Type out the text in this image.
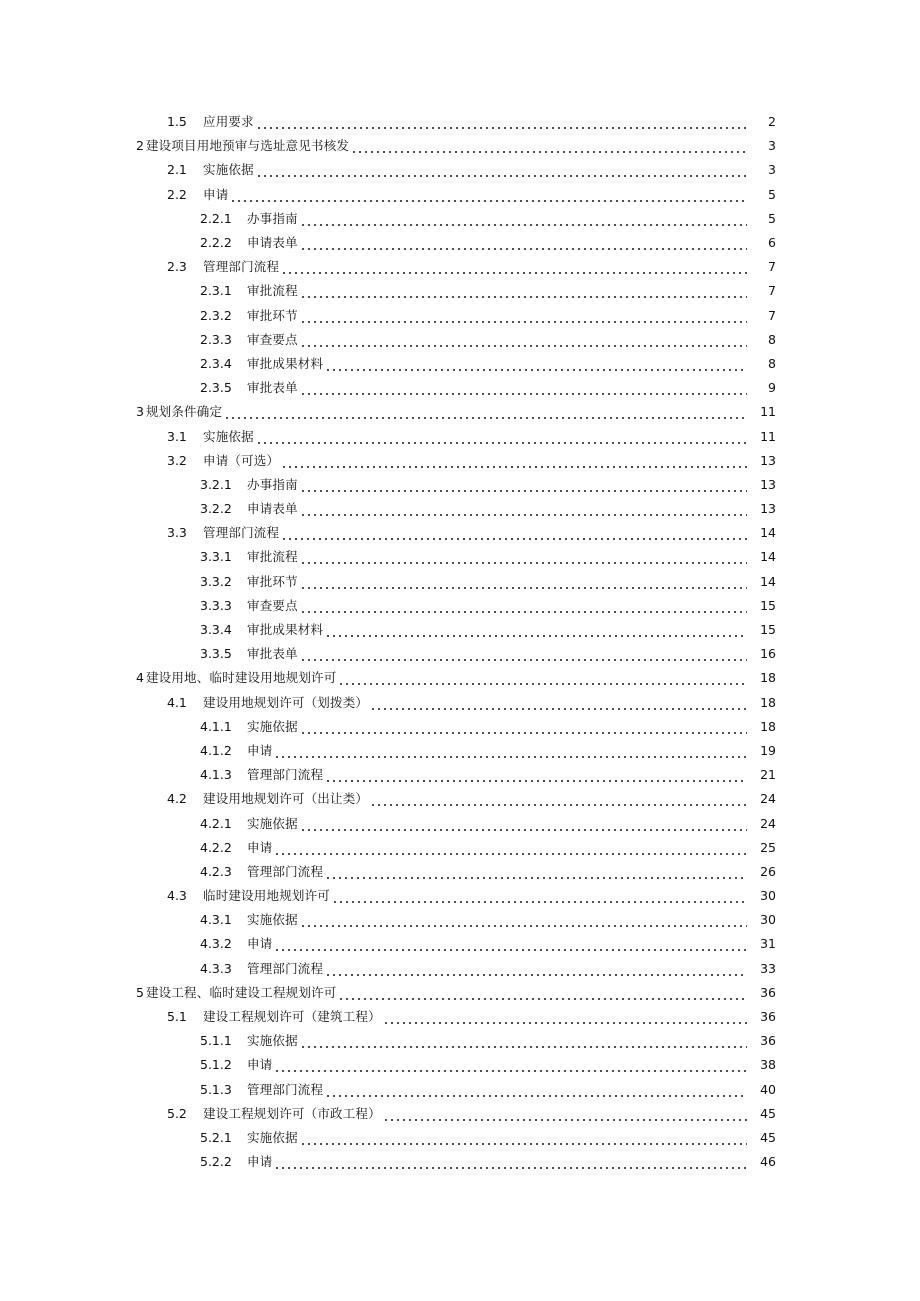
1.5	应用要求	2
2 建设项目用地预审与选址意见书核发	3
2.1	实施依据	3
2.2	申请	5
2.2.1	办事指南	5
2.2.2	申请表单	6
2.3	管理部门流程	7
2.3.1	审批流程	7
2.3.2	审批环节	7
2.3.3	审查要点	8
2.3.4	审批成果材料	8
2.3.5	审批表单	9
3 规划条件确定	11
3.1	实施依据	11
3.2	申请（可选）	13
3.2.1	办事指南	13
3.2.2	申请表单	13
3.3	管理部门流程	14
3.3.1	审批流程	14
3.3.2	审批环节	14
3.3.3	审查要点	15
3.3.4	审批成果材料	15
3.3.5	审批表单	16
4 建设用地、临时建设用地规划许可	18
4.1	建设用地规划许可（划拨类）	18
4.1.1	实施依据	18
4.1.2	申请	19
4.1.3	管理部门流程	21
4.2	建设用地规划许可（出让类）	24
4.2.1	实施依据	24
4.2.2	申请	25
4.2.3	管理部门流程	26
4.3	临时建设用地规划许可	30
4.3.1	实施依据	30
4.3.2	申请	31
4.3.3	管理部门流程	33
5 建设工程、临时建设工程规划许可	36
5.1	建设工程规划许可（建筑工程）	36
5.1.1	实施依据	36
5.1.2	申请	38
5.1.3	管理部门流程	40
5.2	建设工程规划许可（市政工程）	45
5.2.1	实施依据	45
5.2.2	申请	46
